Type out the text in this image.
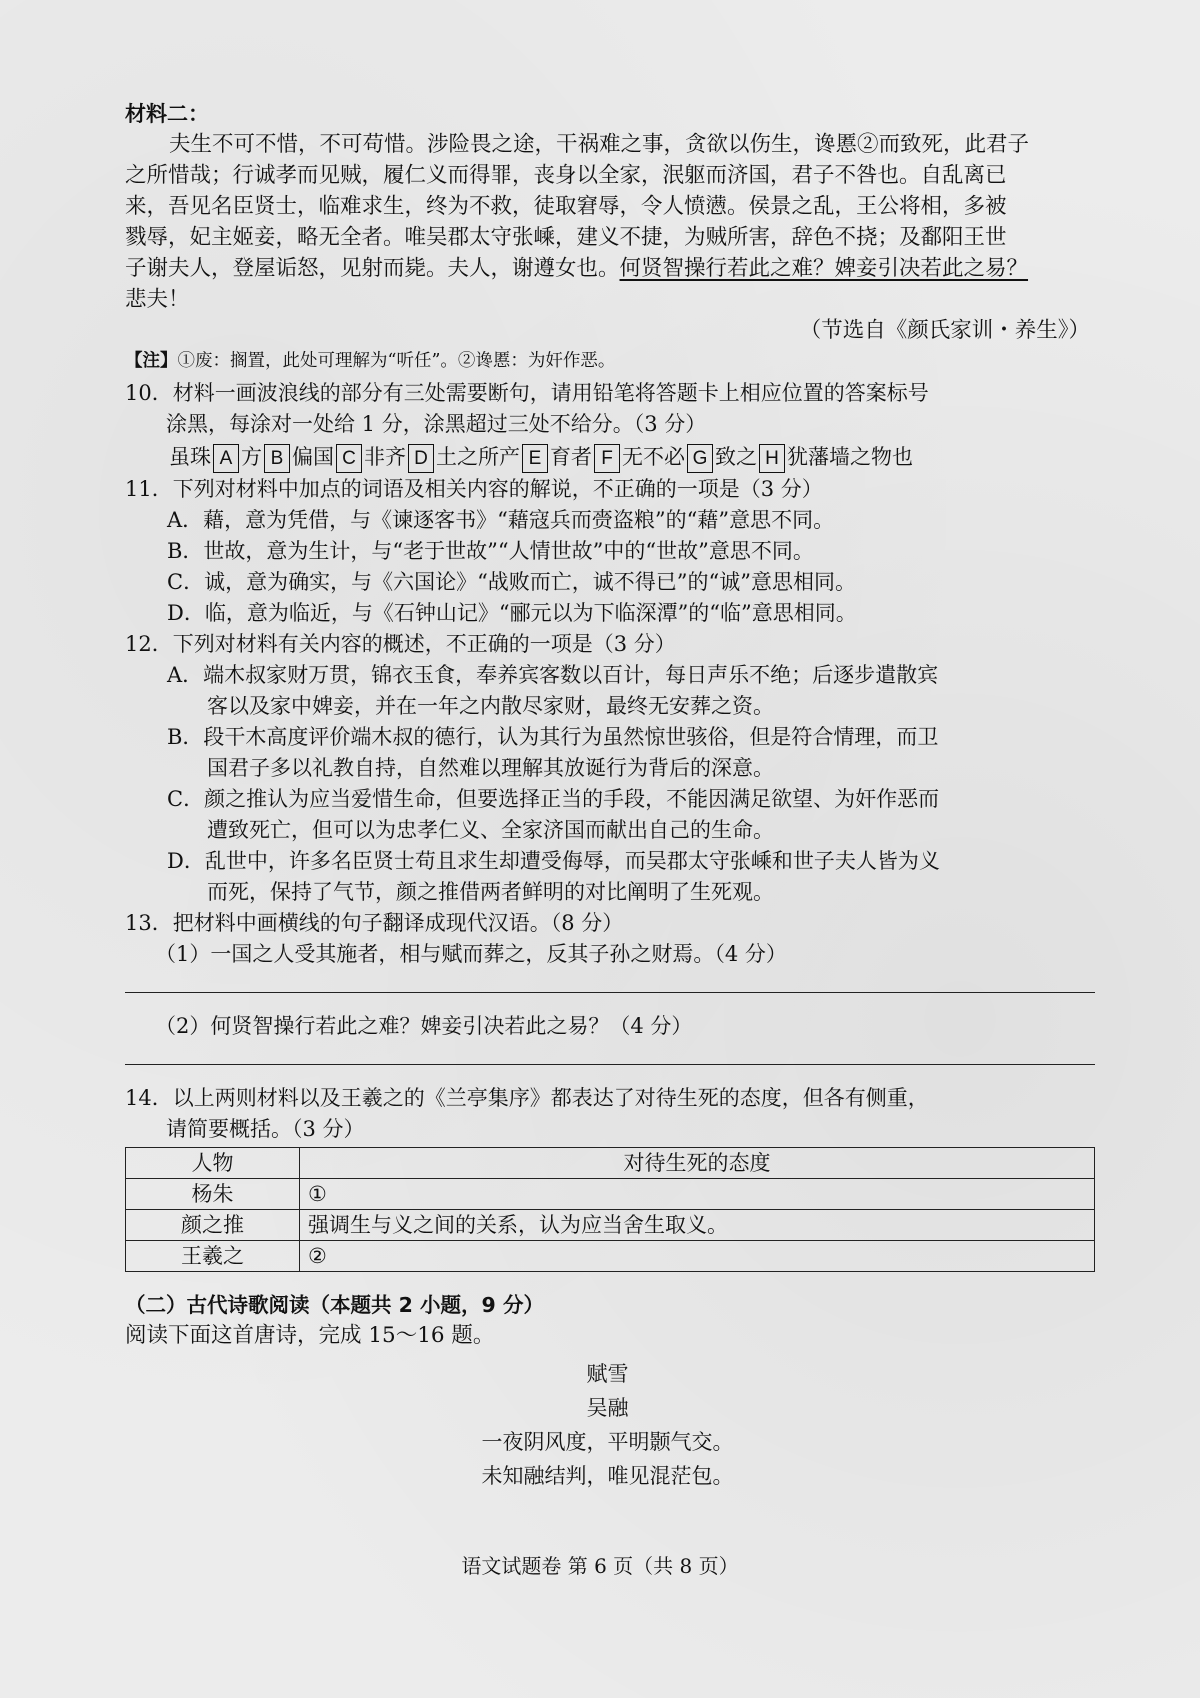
材料二：
夫生不可不惜，不可苟惜。涉险畏之途，干祸难之事，贪欲以伤生，谗慝②而致死，此君子
之所惜哉；行诚孝而见贼，履仁义而得罪，丧身以全家，泯躯而济国，君子不咎也。自乱离已
来，吾见名臣贤士，临难求生，终为不救，徒取窘辱，令人愤懑。侯景之乱，王公将相，多被
戮辱，妃主姬妾，略无全者。唯吴郡太守张嵊，建义不捷，为贼所害，辞色不挠；及鄱阳王世
子谢夫人，登屋诟怒，见射而毙。夫人，谢遵女也。何贤智操行若此之难？婢妾引决若此之易？
悲夫！
（节选自《颜氏家训・养生》）
【注】①废：搁置，此处可理解为“听任”。②谗慝：为奸作恶。
10．材料一画波浪线的部分有三处需要断句，请用铅笔将答题卡上相应位置的答案标号
涂黑，每涂对一处给 1 分，涂黑超过三处不给分。（3 分）
虽珠 A 方 B 偏国 C 非齐 D 土之所产 E 育者 F 无不必 G 致之 H 犹藩墙之物也
11．下列对材料中加点的词语及相关内容的解说，不正确的一项是（3 分）
A．藉，意为凭借，与《谏逐客书》“藉寇兵而赍盗粮”的“藉”意思不同。
B．世故，意为生计，与“老于世故”“人情世故”中的“世故”意思不同。
C．诚，意为确实，与《六国论》“战败而亡，诚不得已”的“诚”意思相同。
D．临，意为临近，与《石钟山记》“郦元以为下临深潭”的“临”意思相同。
12．下列对材料有关内容的概述，不正确的一项是（3 分）
A．端木叔家财万贯，锦衣玉食，奉养宾客数以百计，每日声乐不绝；后逐步遣散宾
客以及家中婢妾，并在一年之内散尽家财，最终无安葬之资。
B．段干木高度评价端木叔的德行，认为其行为虽然惊世骇俗，但是符合情理，而卫
国君子多以礼教自持，自然难以理解其放诞行为背后的深意。
C．颜之推认为应当爱惜生命，但要选择正当的手段，不能因满足欲望、为奸作恶而
遭致死亡，但可以为忠孝仁义、全家济国而献出自己的生命。
D．乱世中，许多名臣贤士苟且求生却遭受侮辱，而吴郡太守张嵊和世子夫人皆为义
而死，保持了气节，颜之推借两者鲜明的对比阐明了生死观。
13．把材料中画横线的句子翻译成现代汉语。（8 分）
（1）一国之人受其施者，相与赋而葬之，反其子孙之财焉。（4 分）
（2）何贤智操行若此之难？婢妾引决若此之易？（4 分）
14．以上两则材料以及王羲之的《兰亭集序》都表达了对待生死的态度，但各有侧重，
请简要概括。（3 分）
人物	对待生死的态度
杨朱	①
颜之推	强调生与义之间的关系，认为应当舍生取义。
王羲之	②
（二）古代诗歌阅读（本题共 2 小题，9 分）
阅读下面这首唐诗，完成 15～16 题。
赋雪
吴融
一夜阴风度，平明颢气交。
未知融结判，唯见混茫包。
语文试题卷 第 6 页（共 8 页）
